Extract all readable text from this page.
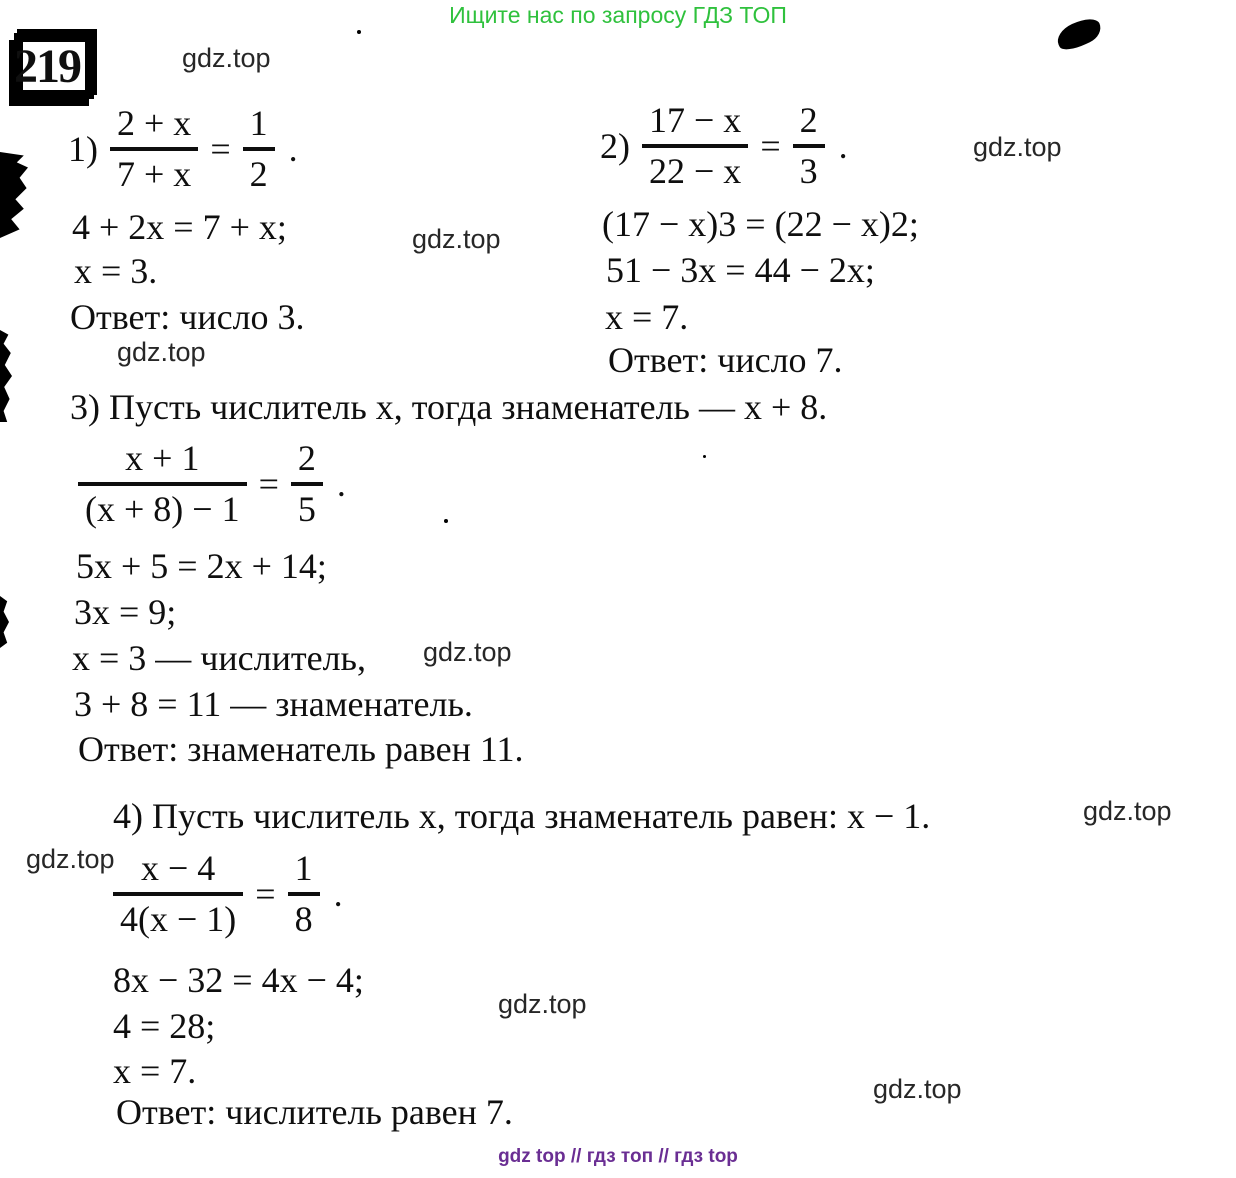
Ищите нас по запросу ГДЗ ТОП
219	gdz.top
gdz.top
gdz.top
gdz.top
gdz.top
gdz.top
gdz.top
gdz.top
gdz.top
$1) \frac{2 + x}{7 + x} = \frac{1}{2}$ .	$2) \frac{17 - x}{22 - x} = \frac{2}{3}$ .
4 + 2x = 7 + x;
x = 3.
Ответ: число 3.
(17 − x)3 = (22 − x)2;
51 − 3x = 44 − 2x;
x = 7.
Ответ: число 7.
3) Пусть числитель x, тогда знаменатель — x + 8.
$\frac{x + 1}{(x + 8) - 1} = \frac{2}{5}$ .
5x + 5 = 2x + 14;
3x = 9;
x = 3 — числитель,
3 + 8 = 11 — знаменатель.
Ответ: знаменатель равен 11.
4) Пусть числитель x, тогда знаменатель равен: x − 1.
$\frac{x - 4}{4(x - 1)} = \frac{1}{8}$ .
8x − 32 = 4x − 4;
4 = 28;
x = 7.
Ответ: числитель равен 7.
gdz top // гдз топ // гдз top
